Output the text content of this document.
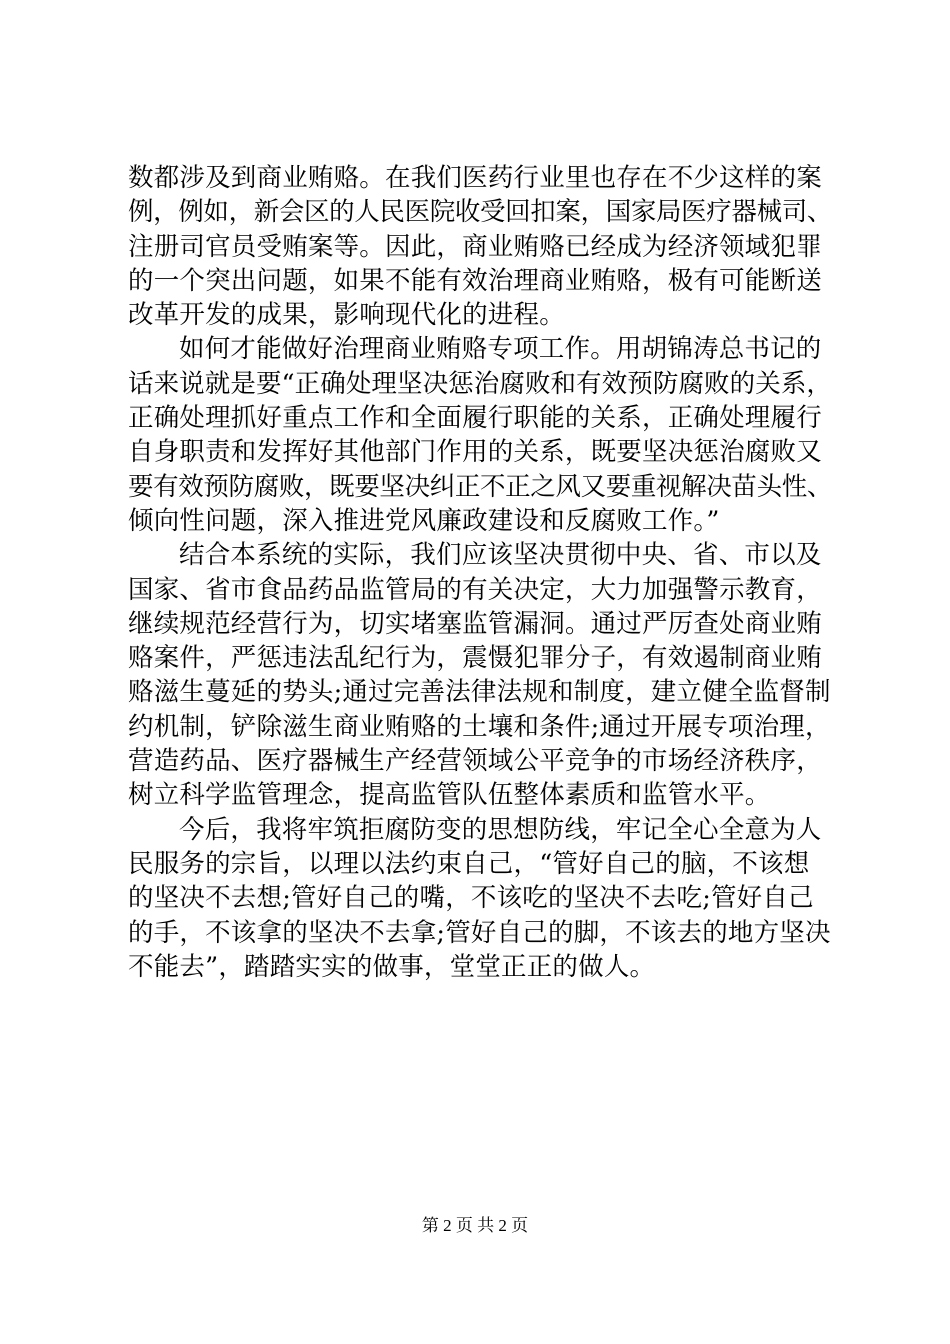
数都涉及到商业贿赂。在我们医药行业里也存在不少这样的案
例，例如，新会区的人民医院收受回扣案，国家局医疗器械司、
注册司官员受贿案等。因此，商业贿赂已经成为经济领域犯罪
的一个突出问题，如果不能有效治理商业贿赂，极有可能断送
改革开发的成果，影响现代化的进程。

如何才能做好治理商业贿赂专项工作。用胡锦涛总书记的
话来说就是要“正确处理坚决惩治腐败和有效预防腐败的关系，
正确处理抓好重点工作和全面履行职能的关系，正确处理履行
自身职责和发挥好其他部门作用的关系，既要坚决惩治腐败又
要有效预防腐败，既要坚决纠正不正之风又要重视解决苗头性、
倾向性问题，深入推进党风廉政建设和反腐败工作。”

结合本系统的实际，我们应该坚决贯彻中央、省、市以及
国家、省市食品药品监管局的有关决定，大力加强警示教育，
继续规范经营行为，切实堵塞监管漏洞。通过严厉查处商业贿
赂案件，严惩违法乱纪行为，震慑犯罪分子，有效遏制商业贿
赂滋生蔓延的势头;通过完善法律法规和制度，建立健全监督制
约机制，铲除滋生商业贿赂的土壤和条件;通过开展专项治理，
营造药品、医疗器械生产经营领域公平竞争的市场经济秩序，
树立科学监管理念，提高监管队伍整体素质和监管水平。

今后，我将牢筑拒腐防变的思想防线，牢记全心全意为人
民服务的宗旨，以理以法约束自己，“管好自己的脑，不该想
的坚决不去想;管好自己的嘴，不该吃的坚决不去吃;管好自己
的手，不该拿的坚决不去拿;管好自己的脚，不该去的地方坚决
不能去”，踏踏实实的做事，堂堂正正的做人。

第 2 页 共 2 页
